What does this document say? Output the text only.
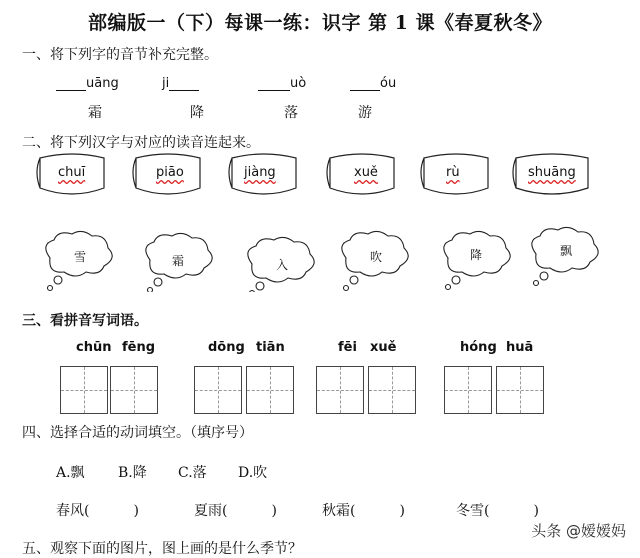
部编版一（下）每课一练：识字 第 1 课《春夏秋冬》
一、将下列字的音节补充完整。
uāng
霜
ji
降
uò
落
óu
游
二、将下列汉字与对应的读音连起来。
chuī	piāo	jiàng	xuě	rù	shuāng
雪	霜	入
吹	降	飘
三、看拼音写词语。
chūn fēng	dōng tiān	fēi xuě	hóng huā
四、选择合适的动词填空。（填序号）
A.飘 B.降 C.落 D.吹
春风(	)	夏雨(	)	秋霜(	)	冬雪(	)
五、观察下面的图片，图上画的是什么季节？
头条 @嫒嫒妈
